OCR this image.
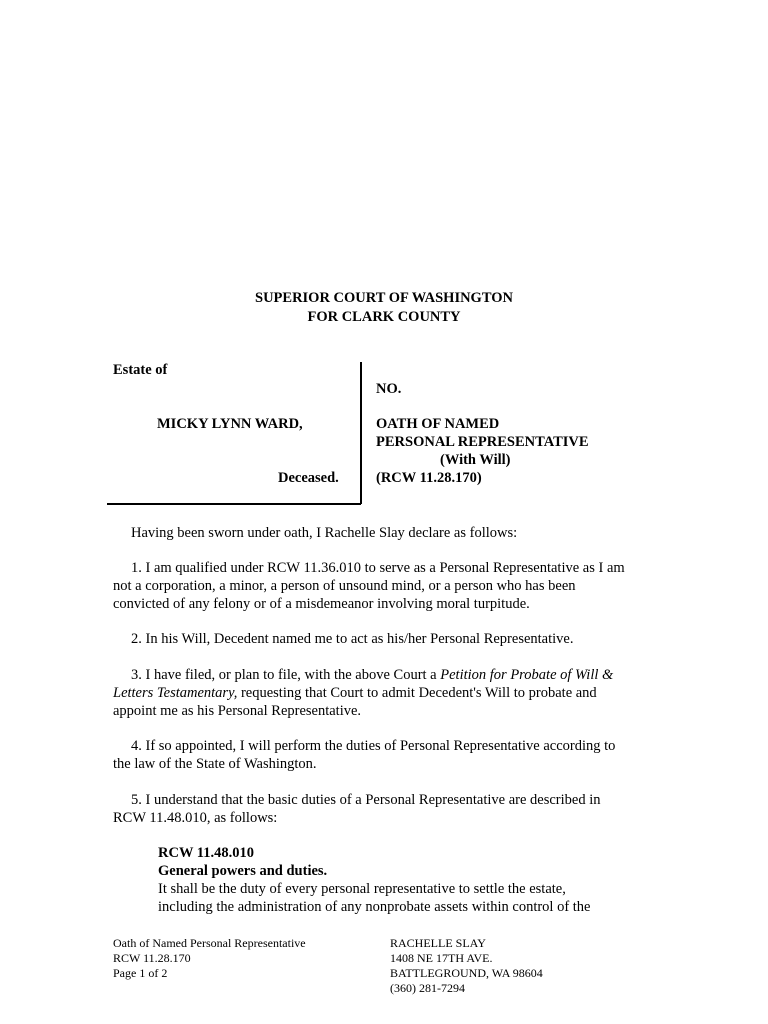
SUPERIOR COURT OF WASHINGTON
FOR CLARK COUNTY
Estate of
MICKY LYNN WARD,
Deceased.
NO.
OATH OF NAMED
PERSONAL REPRESENTATIVE
(With Will)
(RCW 11.28.170)
Having been sworn under oath, I Rachelle Slay declare as follows:
1. I am qualified under RCW 11.36.010 to serve as a Personal Representative as I am
not a corporation, a minor, a person of unsound mind, or a person who has been
convicted of any felony or of a misdemeanor involving moral turpitude.
2. In his Will, Decedent named me to act as his/her Personal Representative.
3. I have filed, or plan to file, with the above Court a Petition for Probate of Will &
Letters Testamentary, requesting that Court to admit Decedent's Will to probate and
appoint me as his Personal Representative.
4. If so appointed, I will perform the duties of Personal Representative according to
the law of the State of Washington.
5. I understand that the basic duties of a Personal Representative are described in
RCW 11.48.010, as follows:
RCW 11.48.010
General powers and duties.
It shall be the duty of every personal representative to settle the estate,
including the administration of any nonprobate assets within control of the
Oath of Named Personal Representative
RCW 11.28.170
Page 1 of 2
RACHELLE SLAY
1408 NE 17TH AVE.
BATTLEGROUND, WA 98604
(360) 281-7294
